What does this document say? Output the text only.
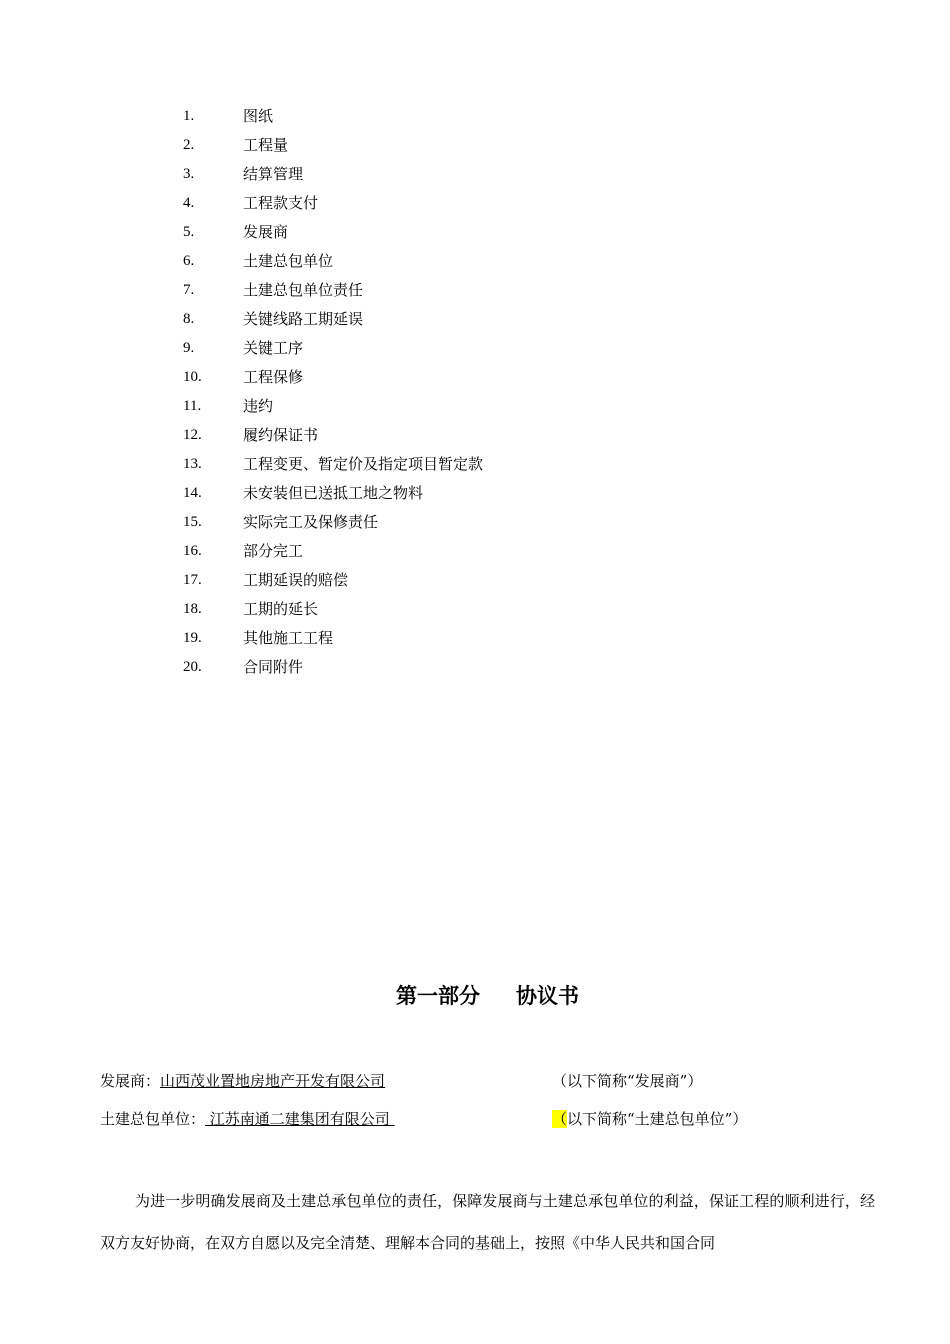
1.	图纸
2.	工程量
3.	结算管理
4.	工程款支付
5.	发展商
6.	土建总包单位
7.	土建总包单位责任
8.	关键线路工期延误
9.	关键工序
10.	工程保修
11.	违约
12.	履约保证书
13.	工程变更、暂定价及指定项目暂定款
14.	未安装但已送抵工地之物料
15.	实际完工及保修责任
16.	部分完工
17.	工期延误的赔偿
18.	工期的延长
19.	其他施工工程
20.	合同附件
第一部分 协议书
发展商：山西茂业置地房地产开发有限公司	（以下简称“发展商”）
土建总包单位： 江苏南通二建集团有限公司	（以下简称“土建总包单位”）

为进一步明确发展商及土建总承包单位的责任，保障发展商与土建总承包单位的利益，保证工程的顺利进行，经双方友好协商，在双方自愿以及完全清楚、理解本合同的基础上，按照《中华人民共和国合同
